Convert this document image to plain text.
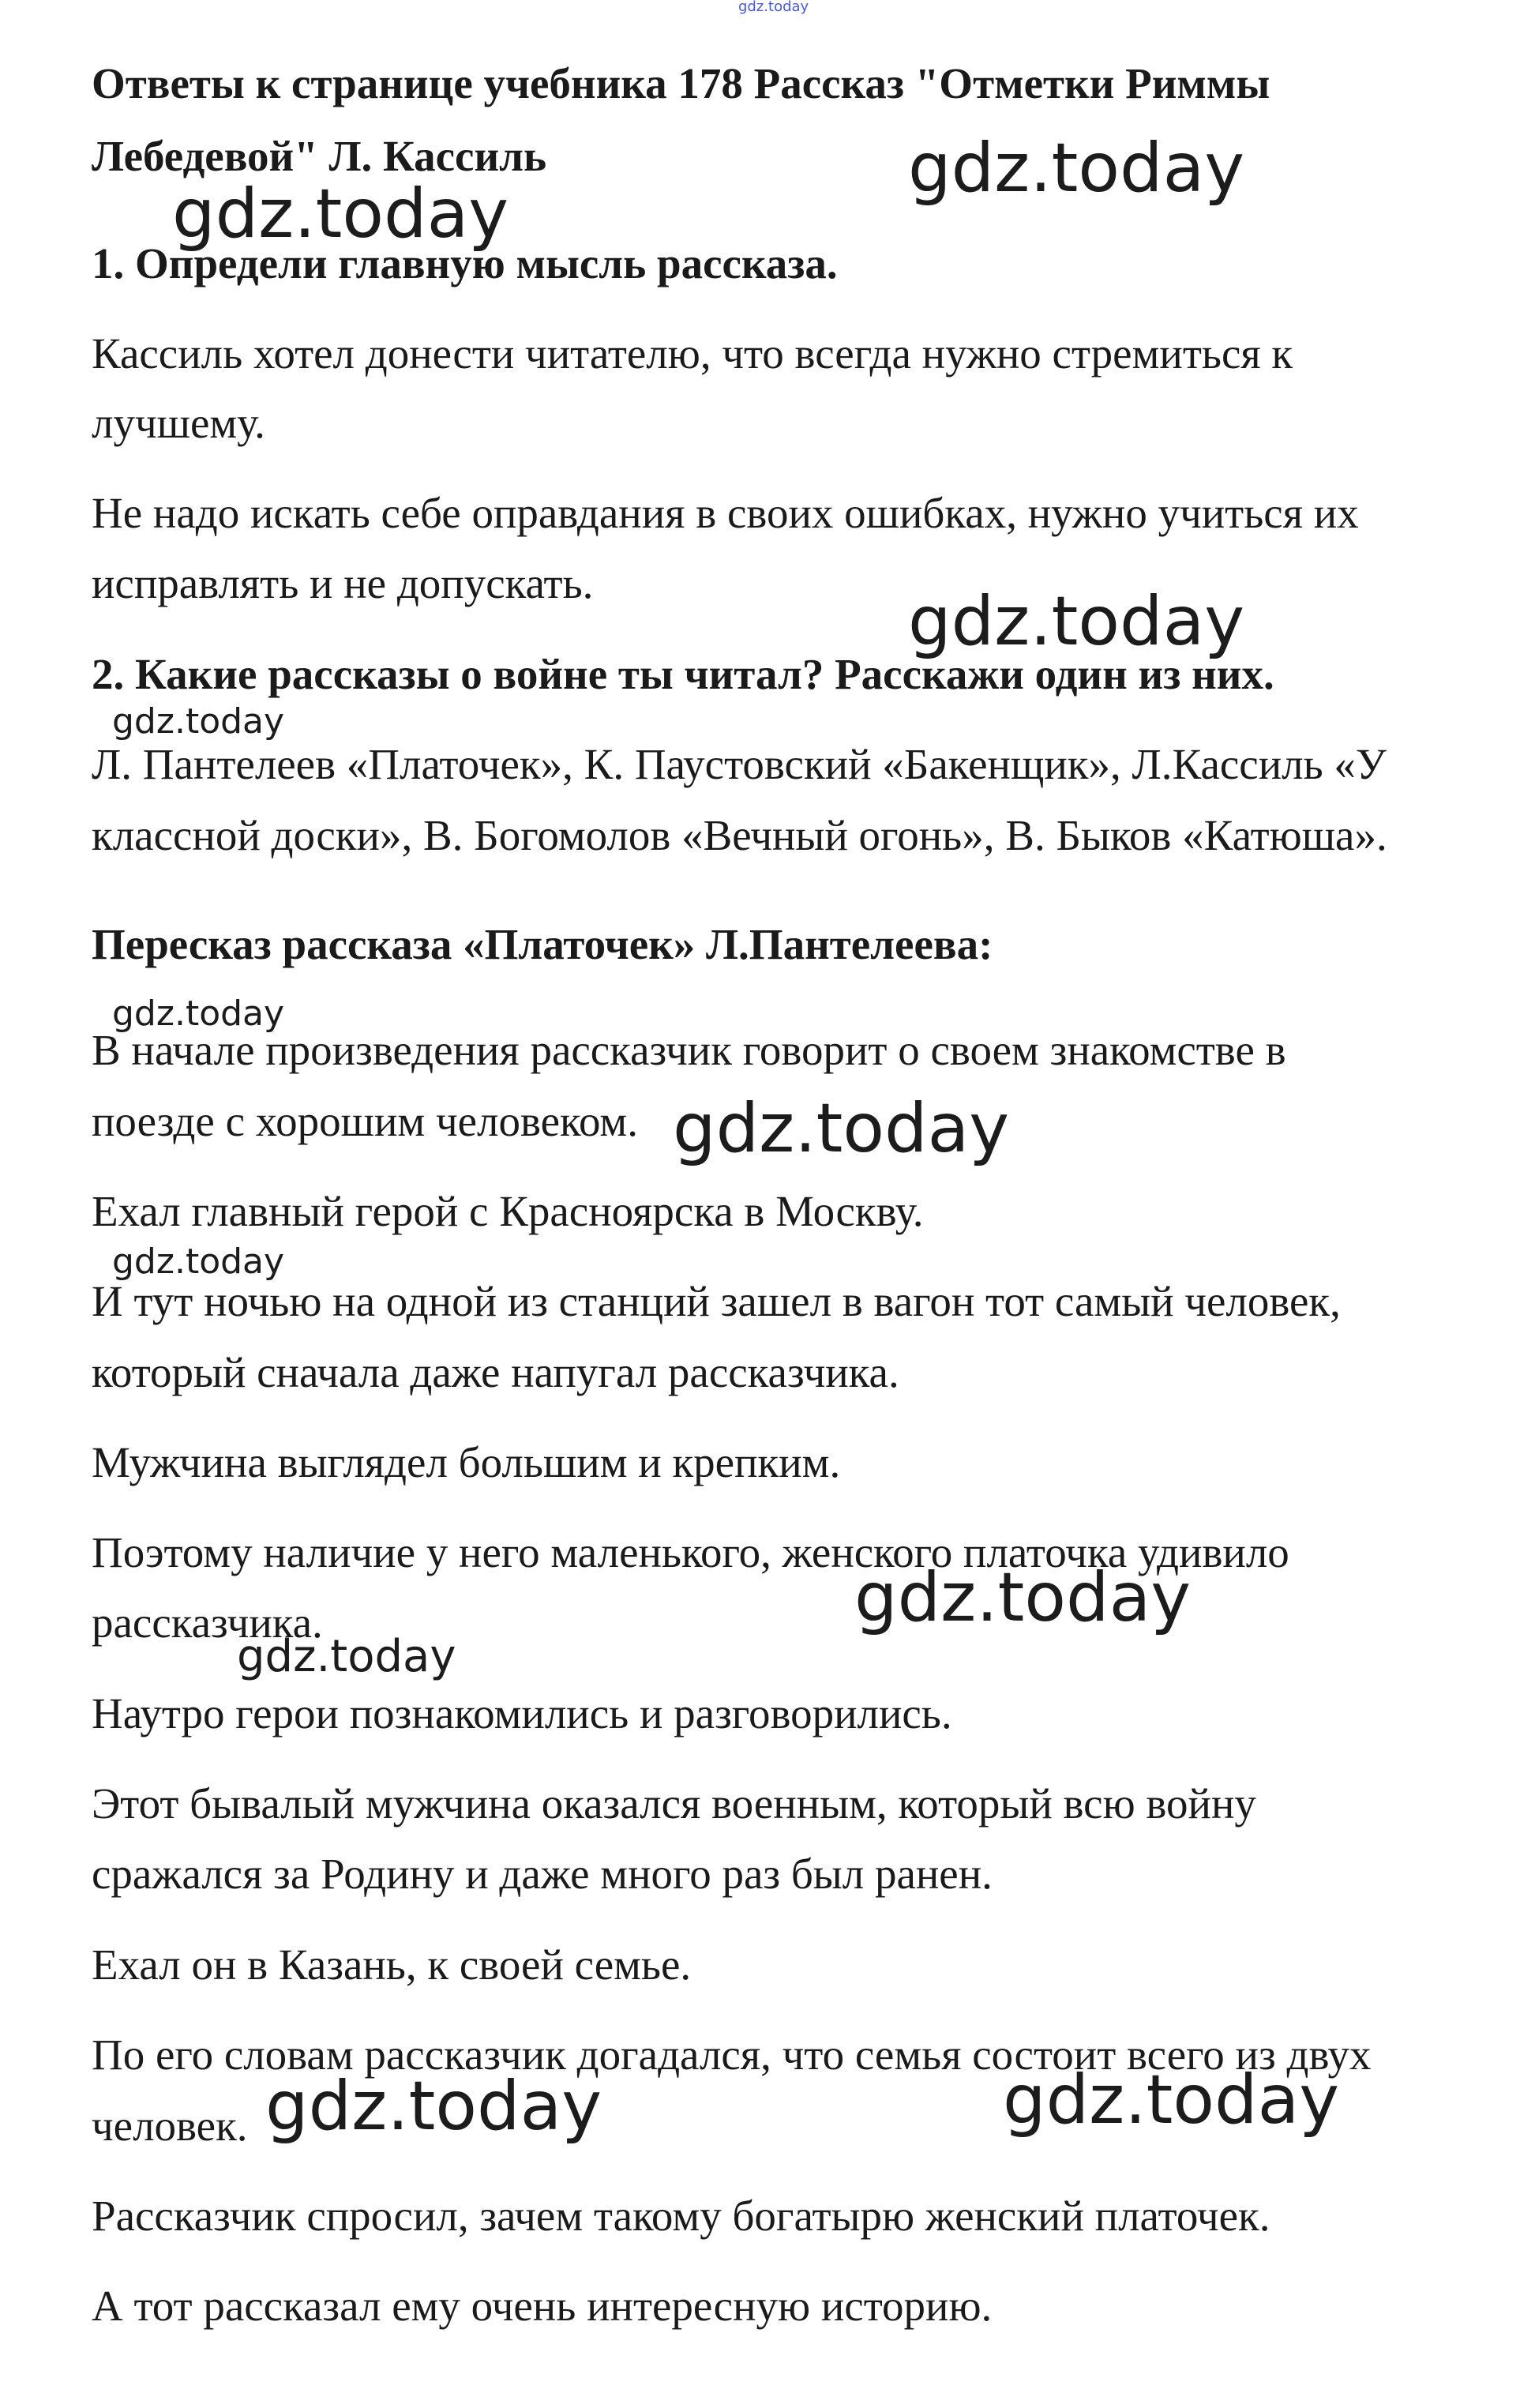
gdz.today
Ответы к странице учебника 178 Рассказ "Отметки Риммы
Лебедевой" Л. Кассиль
1. Определи главную мысль рассказа.
Кассиль хотел донести читателю, что всегда нужно стремиться к
лучшему.
Не надо искать себе оправдания в своих ошибках, нужно учиться их
исправлять и не допускать.
2. Какие рассказы о войне ты читал? Расскажи один из них.
Л. Пантелеев «Платочек», К. Паустовский «Бакенщик», Л.Кассиль «У
классной доски», В. Богомолов «Вечный огонь», В. Быков «Катюша».
Пересказ рассказа «Платочек» Л.Пантелеева:
В начале произведения рассказчик говорит о своем знакомстве в
поезде с хорошим человеком.
Ехал главный герой с Красноярска в Москву.
И тут ночью на одной из станций зашел в вагон тот самый человек,
который сначала даже напугал рассказчика.
Мужчина выглядел большим и крепким.
Поэтому наличие у него маленького, женского платочка удивило
рассказчика.
Наутро герои познакомились и разговорились.
Этот бывалый мужчина оказался военным, который всю войну
сражался за Родину и даже много раз был ранен.
Ехал он в Казань, к своей семье.
По его словам рассказчик догадался, что семья состоит всего из двух
человек.
Рассказчик спросил, зачем такому богатырю женский платочек.
А тот рассказал ему очень интересную историю.
gdz.today
gdz.today
gdz.today
gdz.today
gdz.today
gdz.today
gdz.today
gdz.today
gdz.today
gdz.today	gdz.today
